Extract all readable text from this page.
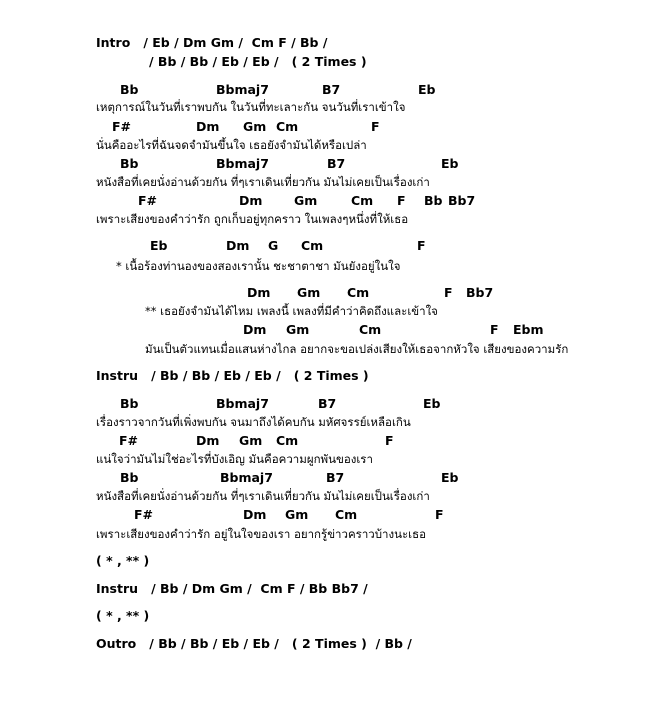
Intro   / Eb / Dm Gm /  Cm F / Bb /
/ Bb / Bb / Eb / Eb /   ( 2 Times )
Bb	Bbmaj7	B7	Eb
เหตุการณ์ในวันที่เราพบกัน ในวันที่ทะเลาะกัน จนวันที่เราเข้าใจ
F#	Dm Gm Cm	F
นั่นคืออะไรที่ฉันจดจำมันขึ้นใจ เธอยังจำมันได้หรือเปล่า
Bb	Bbmaj7	B7	Eb
หนังสือที่เคยนั่งอ่านด้วยกัน ที่ๆเราเดินเที่ยวกัน มันไม่เคยเป็นเรื่องเก่า
F#	Dm	Gm	Cm F Bb Bb7
เพราะเสียงของคำว่ารัก ถูกเก็บอยู่ทุกคราว ในเพลงๆหนึ่งที่ให้เธอ
Eb	Dm G Cm	F
* เนื้อร้องท่านองของสองเรานั้น ชะชาตาชา มันยังอยู่ในใจ
Dm Gm Cm	F Bb7
** เธอยังจำมันได้ไหม เพลงนี้ เพลงที่มีคำว่าคิดถึงและเข้าใจ
Dm Gm	Cm	F Ebm
มันเป็นตัวแทนเมื่อแสนห่างไกล อยากจะขอเปล่งเสียงให้เธอจากหัวใจ เสียงของความรัก
Instru   / Bb / Bb / Eb / Eb /   ( 2 Times )
Bb	Bbmaj7	B7	Eb
เรื่องราวจากวันที่เพิ่งพบกัน จนมาถึงได้คบกัน มหัศจรรย์เหลือเกิน
F#	Dm Gm Cm	F
แน่ใจว่ามันไม่ใช่อะไรที่บังเอิญ มันคือความผูกพันของเรา
Bb	Bbmaj7	B7	Eb
หนังสือที่เคยนั่งอ่านด้วยกัน ที่ๆเราเดินเที่ยวกัน มันไม่เคยเป็นเรื่องเก่า
F#	Dm Gm Cm	F
เพราะเสียงของคำว่ารัก อยู่ในใจของเรา อยากรู้ข่าวคราวบ้างนะเธอ
( * , ** )
Instru   / Bb / Dm Gm /  Cm F / Bb Bb7 /
( * , ** )
Outro   / Bb / Bb / Eb / Eb /   ( 2 Times )  / Bb /
